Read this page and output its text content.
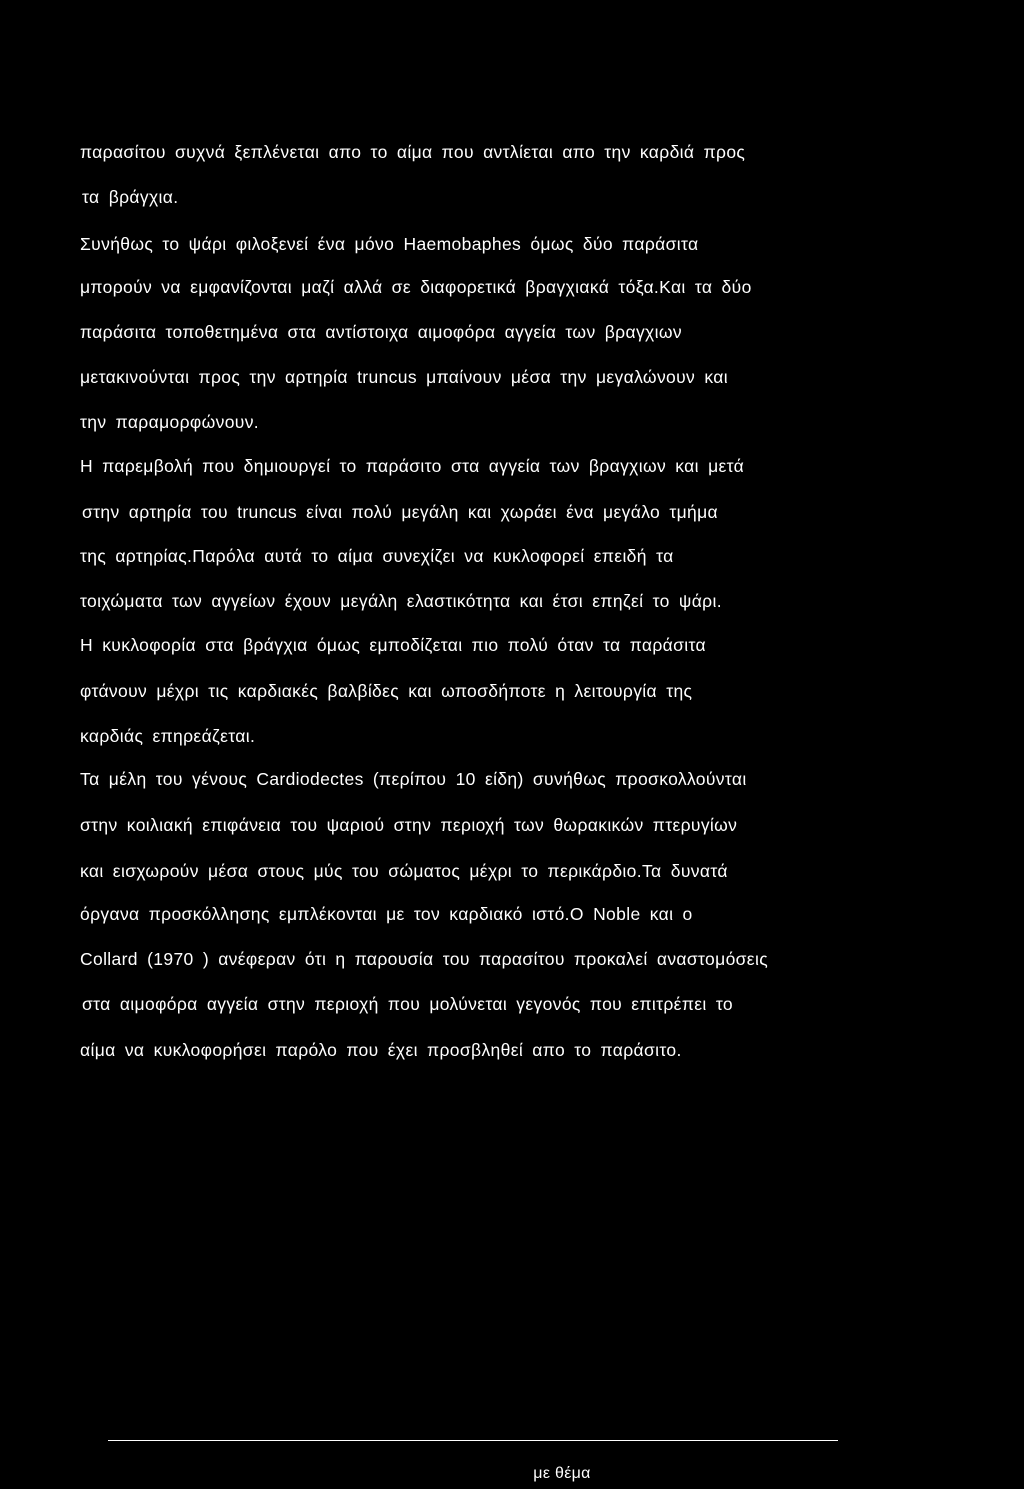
παρασίτου συχνά ξεπλένεται απο το αίμα που αντλίεται απο την καρδιά προς
τα βράγχια.
Συνήθως το ψάρι φιλοξενεί ένα μόνο Haemobaphes όμως δύο παράσιτα
μπορούν να εμφανίζονται μαζί αλλά σε διαφορετικά βραγχιακά τόξα.Και τα δύο
παράσιτα τοποθετημένα στα αντίστοιχα αιμοφόρα αγγεία των βραγχιων
μετακινούνται προς την αρτηρία truncus μπαίνουν μέσα την μεγαλώνουν και
την παραμορφώνουν.
Η παρεμβολή που δημιουργεί το παράσιτο στα αγγεία των βραγχιων και μετά
στην αρτηρία του truncus είναι πολύ μεγάλη και χωράει ένα μεγάλο τμήμα
της αρτηρίας.Παρόλα αυτά το αίμα συνεχίζει να κυκλοφορεί επειδή τα
τοιχώματα των αγγείων έχουν μεγάλη ελαστικότητα και έτσι επηζεί το ψάρι.
Η κυκλοφορία στα βράγχια όμως εμποδίζεται πιο πολύ όταν τα παράσιτα
φτάνουν μέχρι τις καρδιακές βαλβίδες και ωποσδήποτε η λειτουργία της
καρδιάς επηρεάζεται.
Τα μέλη του γένους Cardiodectes (περίπου 10 είδη) συνήθως προσκολλούνται
στην κοιλιακή επιφάνεια του ψαριού στην περιοχή των θωρακικών πτερυγίων
και εισχωρούν μέσα στους μύς του σώματος μέχρι το περικάρδιο.Τα δυνατά
όργανα προσκόλλησης εμπλέκονται με τον καρδιακό ιστό.Ο Noble και ο
Collard (1970 ) ανέφεραν ότι η παρουσία του παρασίτου προκαλεί αναστομόσεις
στα αιμοφόρα αγγεία στην περιοχή που μολύνεται γεγονός που επιτρέπει το
αίμα να κυκλοφορήσει παρόλο που έχει προσβληθεί απο το παράσιτο.
με θέμα
